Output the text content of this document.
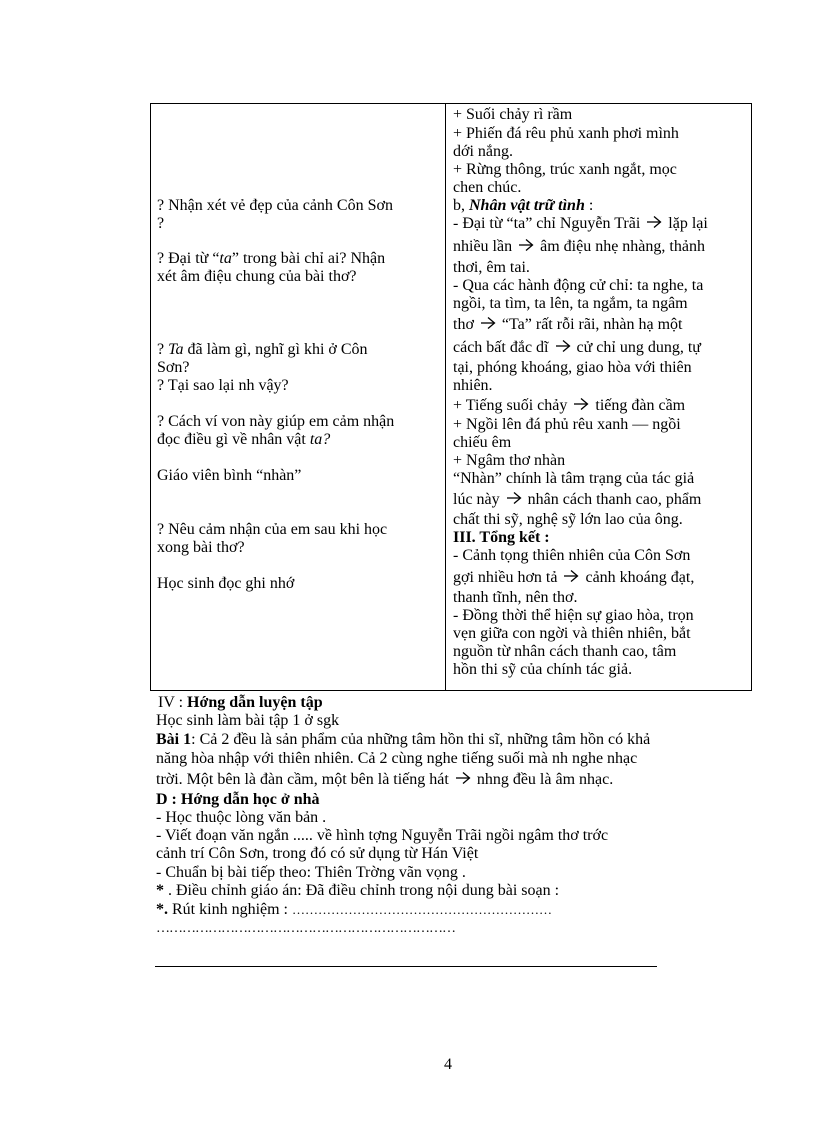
? Nhận xét vẻ đẹp của cảnh Côn Sơn
?
? Đại từ “ta” trong bài chỉ ai? Nhận
xét âm điệu chung của bài thơ?
? Ta đã làm gì, nghĩ gì khi ở Côn
Sơn?
? Tại sao lại nh vậy?
? Cách ví von này giúp em cảm nhận
đọc điều gì về nhân vật ta?
Giáo viên bình “nhàn”
? Nêu cảm nhận của em sau khi học
xong bài thơ?
Học sinh đọc ghi nhớ
+ Suối chảy rì rầm
+ Phiến đá rêu phủ xanh phơi mình
dới nắng.
+ Rừng thông, trúc xanh ngắt, mọc
chen chúc.
b, Nhân vật trữ tình :
- Đại từ “ta” chỉ Nguyễn Trãi
lặp lại
nhiều lần
âm điệu nhẹ nhàng, thảnh
thơi, êm tai.
- Qua các hành động cử chỉ: ta nghe, ta
ngồi, ta tìm, ta lên, ta ngắm, ta ngâm
thơ
“Ta” rất rỗi rãi, nhàn hạ một
cách bất đắc dĩ
cử chỉ ung dung, tự
tại, phóng khoáng, giao hòa với thiên
nhiên.
+ Tiếng suối chảy
tiếng đàn cầm
+ Ngồi lên đá phủ rêu xanh — ngồi
chiếu êm
+ Ngâm thơ nhàn
“Nhàn” chính là tâm trạng của tác giả
lúc này
nhân cách thanh cao, phẩm
chất thi sỹ, nghệ sỹ lớn lao của ông.
III. Tổng kết :
- Cảnh tọng thiên nhiên của Côn Sơn
gợi nhiều hơn tả
cảnh khoáng đạt,
thanh tĩnh, nên thơ.
- Đồng thời thể hiện sự giao hòa, trọn
vẹn giữa con ngời và thiên nhiên, bắt
nguồn từ nhân cách thanh cao, tâm
hồn thi sỹ của chính tác giả.
IV : Hớng dẫn luyện tập
Học sinh làm bài tập 1 ở sgk
Bài 1: Cả 2 đều là sản phẩm của những tâm hồn thi sĩ, những tâm hồn có khả
năng hòa nhập với thiên nhiên. Cả 2 cùng nghe tiếng suối mà nh nghe nhạc
trời. Một bên là đàn cầm, một bên là tiếng hát
nhng đều là âm nhạc.
D : Hớng dẫn học ở nhà
- Học thuộc lòng văn bản .
- Viết đoạn văn ngắn ..... về hình tợng Nguyễn Trãi ngồi ngâm thơ trớc
cảnh trí Côn Sơn, trong đó có sử dụng từ Hán Việt
- Chuẩn bị bài tiếp theo: Thiên Trờng vãn vọng .
* . Điều chỉnh giáo án: Đã điều chỉnh trong nội dung bài soạn :
*. Rút kinh nghiệm : ……………………………………………………
……………………………………………………………
4
